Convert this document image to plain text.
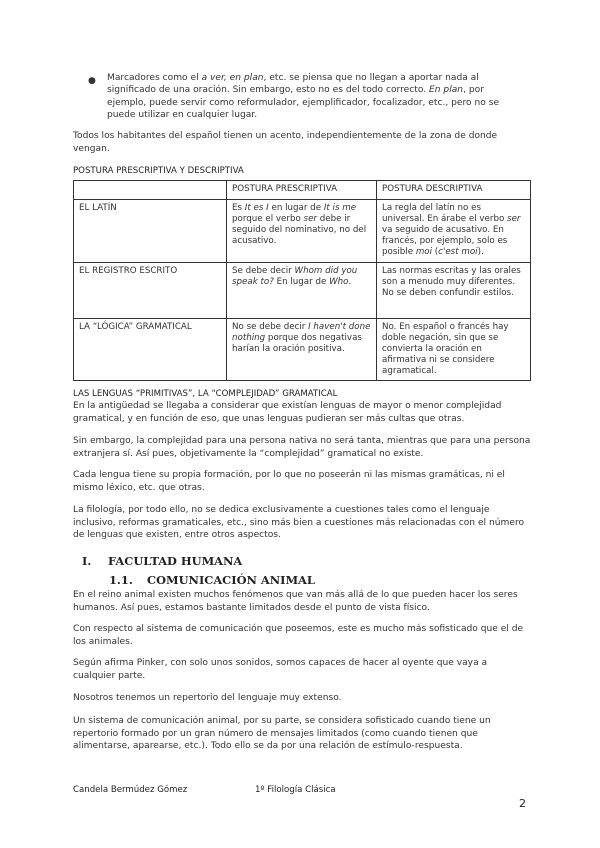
● Marcadores como el a ver, en plan, etc. se piensa que no llegan a aportar nada al significado de una oración. Sin embargo, esto no es del todo correcto. En plan, por ejemplo, puede servir como reformulador, ejemplificador, focalizador, etc., pero no se puede utilizar en cualquier lugar.

Todos los habitantes del español tienen un acento, independientemente de la zona de donde vengan.

POSTURA PRESCRIPTIVA Y DESCRIPTIVA

	POSTURA PRESCRIPTIVA	POSTURA DESCRIPTIVA
EL LATÍN	Es It es I en lugar de It is me porque el verbo ser debe ir seguido del nominativo, no del acusativo.	La regla del latín no es universal. En árabe el verbo ser va seguido de acusativo. En francés, por ejemplo, solo es posible moi (c'est moi).
EL REGISTRO ESCRITO	Se debe decir Whom did you speak to? En lugar de Who.	Las normas escritas y las orales son a menudo muy diferentes. No se deben confundir estilos.
LA “LÓGICA” GRAMATICAL	No se debe decir I haven't done nothing porque dos negativas harían la oración positiva.	No. En español o francés hay doble negación, sin que se convierta la oración en afirmativa ni se considere agramatical.

LAS LENGUAS “PRIMITIVAS”, LA “COMPLEJIDAD” GRAMATICAL

En la antigüedad se llegaba a considerar que existían lenguas de mayor o menor complejidad gramatical, y en función de eso, que unas lenguas pudieran ser más cultas que otras.

Sin embargo, la complejidad para una persona nativa no será tanta, mientras que para una persona extranjera sí. Así pues, objetivamente la “complejidad” gramatical no existe.

Cada lengua tiene su propia formación, por lo que no poseerán ni las mismas gramáticas, ni el mismo léxico, etc. que otras.

La filología, por todo ello, no se dedica exclusivamente a cuestiones tales como el lenguaje inclusivo, reformas gramaticales, etc., sino más bien a cuestiones más relacionadas con el número de lenguas que existen, entre otros aspectos.

I. FACULTAD HUMANA
1.1. COMUNICACIÓN ANIMAL

En el reino animal existen muchos fenómenos que van más allá de lo que pueden hacer los seres humanos. Así pues, estamos bastante limitados desde el punto de vista físico.

Con respecto al sistema de comunicación que poseemos, este es mucho más sofisticado que el de los animales.

Según afirma Pinker, con solo unos sonidos, somos capaces de hacer al oyente que vaya a cualquier parte.

Nosotros tenemos un repertorio del lenguaje muy extenso.

Un sistema de comunicación animal, por su parte, se considera sofisticado cuando tiene un repertorio formado por un gran número de mensajes limitados (como cuando tienen que alimentarse, aparearse, etc.). Todo ello se da por una relación de estímulo-respuesta.

Candela Bermúdez Gómez	1º Filología Clásica
2
